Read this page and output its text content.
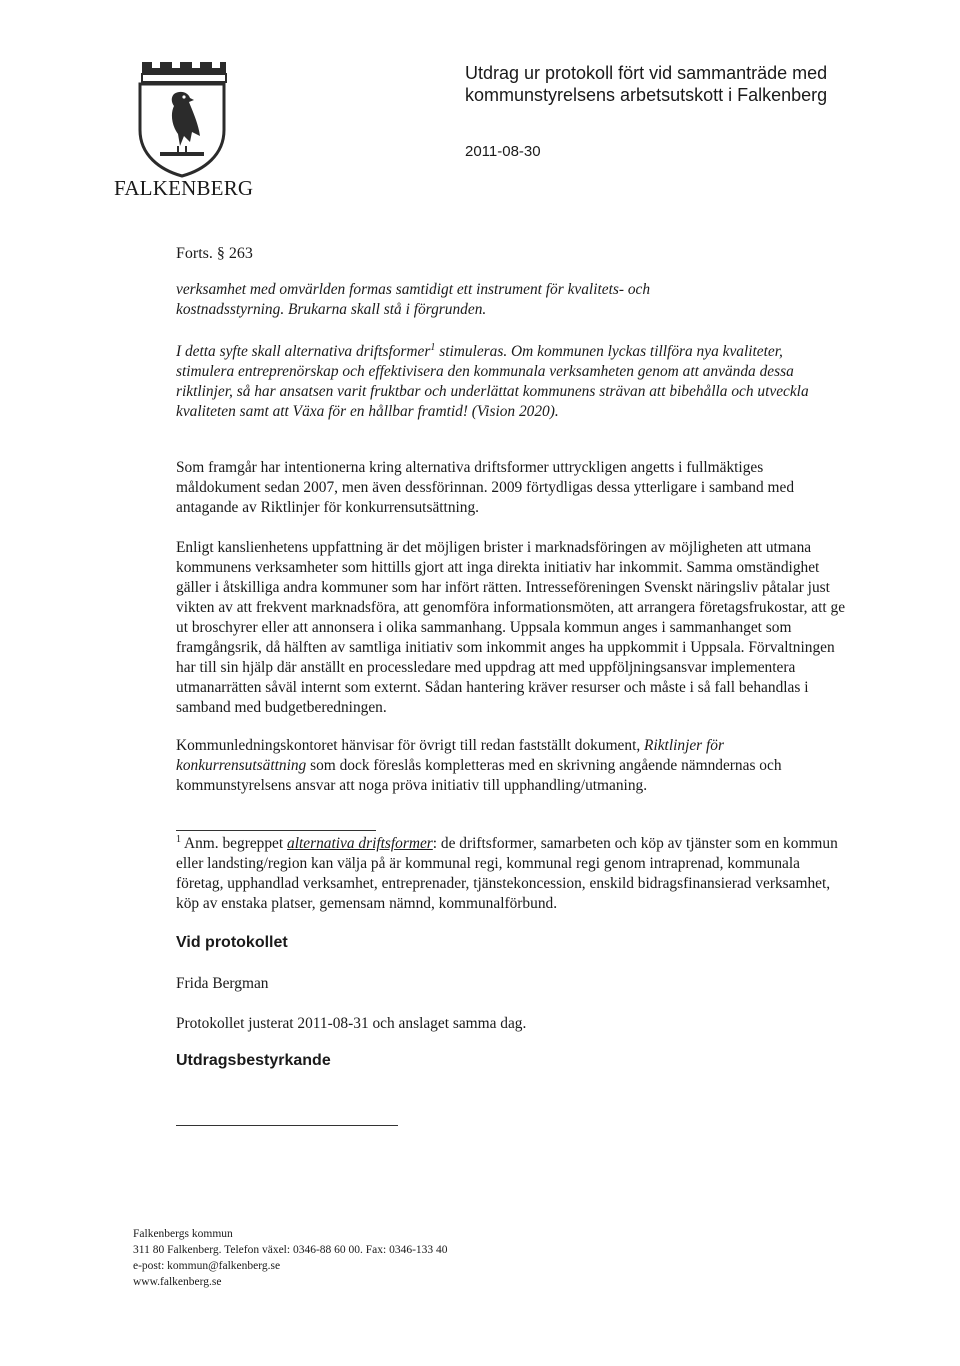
FALKENBERG
Utdrag ur protokoll fört vid sammanträde med
kommunstyrelsens arbetsutskott i Falkenberg
2011-08-30
Forts. § 263
verksamhet med omvärlden formas samtidigt ett instrument för kvalitets- och kostnadsstyrning. Brukarna skall stå i förgrunden.
I detta syfte skall alternativa driftsformer$^1$ stimuleras. Om kommunen lyckas tillföra nya kvaliteter, stimulera entreprenörskap och effektivisera den kommunala verksamheten genom att använda dessa riktlinjer, så har ansatsen varit fruktbar och underlättat kommunens strävan att bibehålla och utveckla kvaliteten samt att Växa för en hållbar framtid! (Vision 2020).
Som framgår har intentionerna kring alternativa driftsformer uttryckligen angetts i fullmäktiges måldokument sedan 2007, men även dessförinnan. 2009 förtydligas dessa ytterligare i samband med antagande av Riktlinjer för konkurrensutsättning.
Enligt kanslienhetens uppfattning är det möjligen brister i marknadsföringen av möjligheten att utmana kommunens verksamheter som hittills gjort att inga direkta initiativ har inkommit. Samma omständighet gäller i åtskilliga andra kommuner som har infört rätten. Intresseföreningen Svenskt näringsliv påtalar just vikten av att frekvent marknadsföra, att genomföra informationsmöten, att arrangera företagsfrukostar, att ge ut broschyrer eller att annonsera i olika sammanhang. Uppsala kommun anges i sammanhanget som framgångsrik, då hälften av samtliga initiativ som inkommit anges ha uppkommit i Uppsala. Förvaltningen har till sin hjälp där anställt en processledare med uppdrag att med uppföljningsansvar implementera utmanarrätten såväl internt som externt. Sådan hantering kräver resurser och måste i så fall behandlas i samband med budgetberedningen.
Kommunledningskontoret hänvisar för övrigt till redan fastställt dokument, Riktlinjer för konkurrensutsättning som dock föreslås kompletteras med en skrivning angående nämndernas och kommunstyrelsens ansvar att noga pröva initiativ till upphandling/utmaning.
$^1$ Anm. begreppet alternativa driftsformer: de driftsformer, samarbeten och köp av tjänster som en kommun eller landsting/region kan välja på är kommunal regi, kommunal regi genom intraprenad, kommunala företag, upphandlad verksamhet, entreprenader, tjänstekoncession, enskild bidragsfinansierad verksamhet, köp av enstaka platser, gemensam nämnd, kommunalförbund.
Vid protokollet
Frida Bergman
Protokollet justerat 2011-08-31 och anslaget samma dag.
Utdragsbestyrkande
Falkenbergs kommun
311 80 Falkenberg. Telefon växel: 0346-88 60 00. Fax: 0346-133 40
e-post: kommun@falkenberg.se
www.falkenberg.se
